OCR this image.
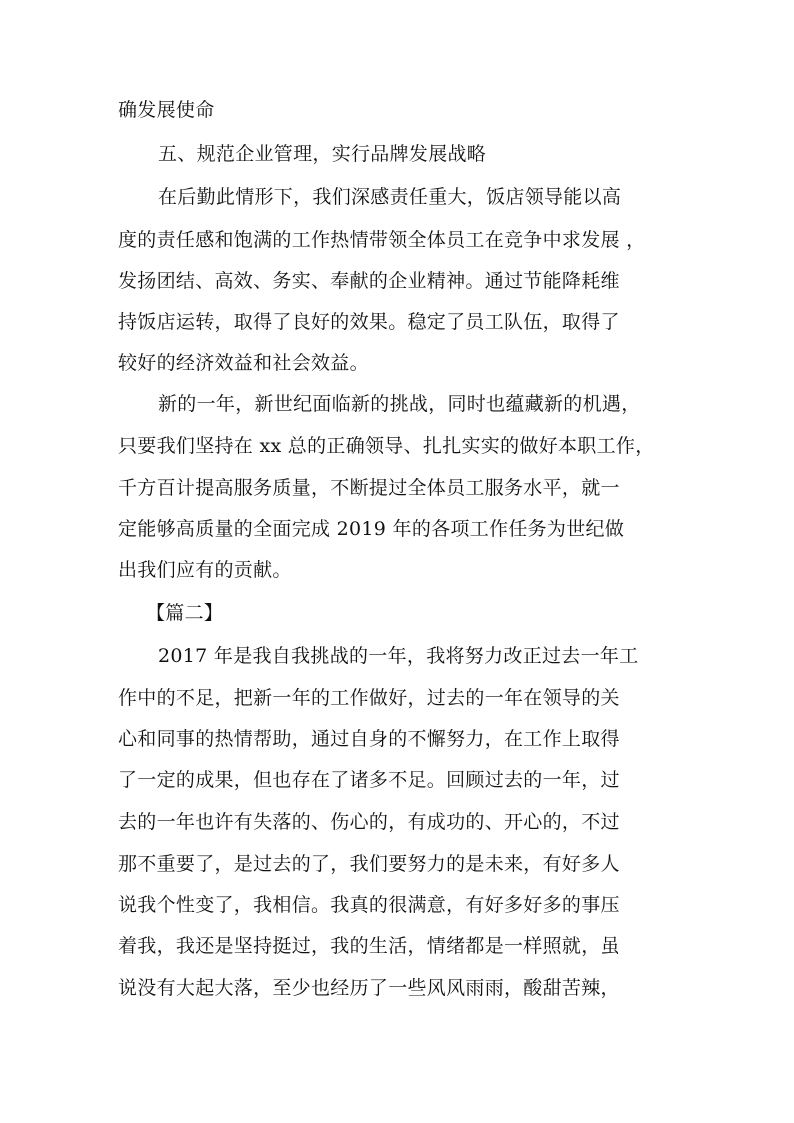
确发展使命
五、规范企业管理，实行品牌发展战略
在后勤此情形下，我们深感责任重大，饭店领导能以高
度的责任感和饱满的工作热情带领全体员工在竞争中求发展 ，
发扬团结、高效、务实、奉献的企业精神。通过节能降耗维
持饭店运转，取得了良好的效果。稳定了员工队伍，取得了
较好的经济效益和社会效益。
新的一年，新世纪面临新的挑战，同时也蕴藏新的机遇，
只要我们坚持在 xx 总的正确领导、扎扎实实的做好本职工作，
千方百计提高服务质量，不断提过全体员工服务水平，就一
定能够高质量的全面完成 2019 年的各项工作任务为世纪做
出我们应有的贡献。
【篇二】
2017 年是我自我挑战的一年，我将努力改正过去一年工
作中的不足，把新一年的工作做好，过去的一年在领导的关
心和同事的热情帮助，通过自身的不懈努力，在工作上取得
了一定的成果，但也存在了诸多不足。回顾过去的一年，过
去的一年也许有失落的、伤心的，有成功的、开心的，不过
那不重要了，是过去的了，我们要努力的是未来，有好多人
说我个性变了，我相信。我真的很满意，有好多好多的事压
着我，我还是坚持挺过，我的生活，情绪都是一样照就，虽
说没有大起大落，至少也经历了一些风风雨雨，酸甜苦辣，
